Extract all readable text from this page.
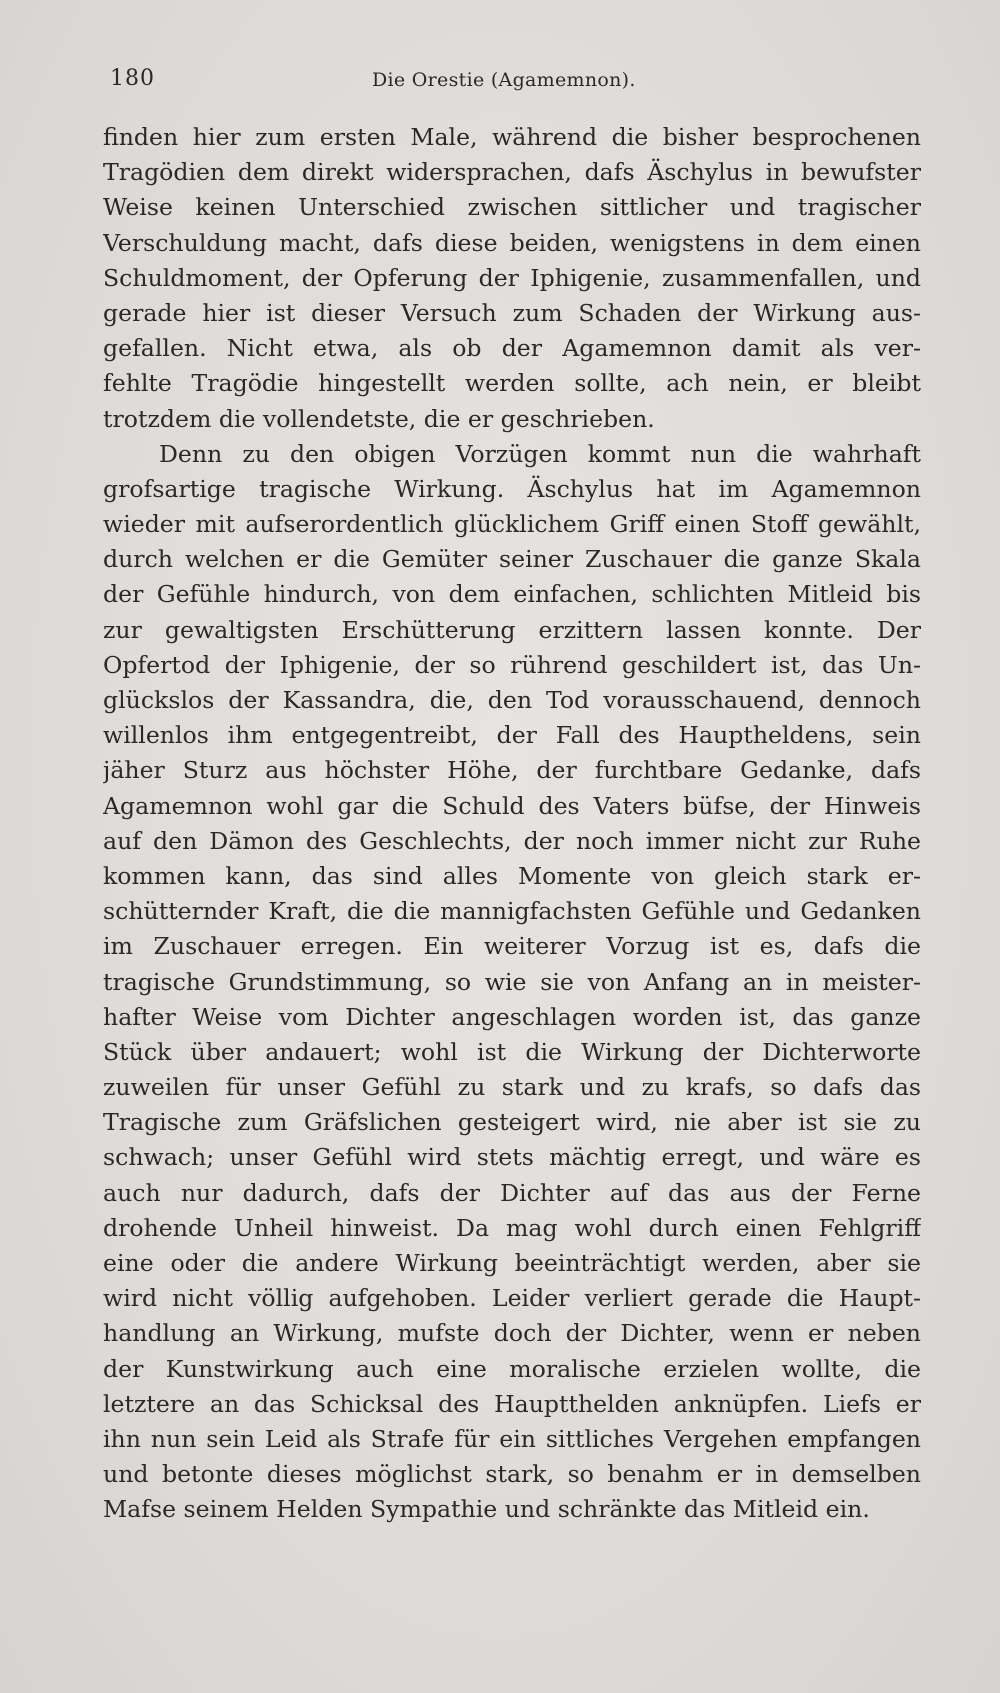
180	Die Orestie (Agamemnon).
finden hier zum ersten Male, während die bisher besprochenen
Tragödien dem direkt widersprachen, dafs Äschylus in bewufster
Weise keinen Unterschied zwischen sittlicher und tragischer
Verschuldung macht, dafs diese beiden, wenigstens in dem einen
Schuldmoment, der Opferung der Iphigenie, zusammenfallen, und
gerade hier ist dieser Versuch zum Schaden der Wirkung aus-
gefallen. Nicht etwa, als ob der Agamemnon damit als ver-
fehlte Tragödie hingestellt werden sollte, ach nein, er bleibt
trotzdem die vollendetste, die er geschrieben.
Denn zu den obigen Vorzügen kommt nun die wahrhaft
grofsartige tragische Wirkung. Äschylus hat im Agamemnon
wieder mit aufserordentlich glücklichem Griff einen Stoff gewählt,
durch welchen er die Gemüter seiner Zuschauer die ganze Skala
der Gefühle hindurch, von dem einfachen, schlichten Mitleid bis
zur gewaltigsten Erschütterung erzittern lassen konnte. Der
Opfertod der Iphigenie, der so rührend geschildert ist, das Un-
glückslos der Kassandra, die, den Tod vorausschauend, dennoch
willenlos ihm entgegentreibt, der Fall des Hauptheldens, sein
jäher Sturz aus höchster Höhe, der furchtbare Gedanke, dafs
Agamemnon wohl gar die Schuld des Vaters büfse, der Hinweis
auf den Dämon des Geschlechts, der noch immer nicht zur Ruhe
kommen kann, das sind alles Momente von gleich stark er-
schütternder Kraft, die die mannigfachsten Gefühle und Gedanken
im Zuschauer erregen. Ein weiterer Vorzug ist es, dafs die
tragische Grundstimmung, so wie sie von Anfang an in meister-
hafter Weise vom Dichter angeschlagen worden ist, das ganze
Stück über andauert; wohl ist die Wirkung der Dichterworte
zuweilen für unser Gefühl zu stark und zu krafs, so dafs das
Tragische zum Gräfslichen gesteigert wird, nie aber ist sie zu
schwach; unser Gefühl wird stets mächtig erregt, und wäre es
auch nur dadurch, dafs der Dichter auf das aus der Ferne
drohende Unheil hinweist. Da mag wohl durch einen Fehlgriff
eine oder die andere Wirkung beeinträchtigt werden, aber sie
wird nicht völlig aufgehoben. Leider verliert gerade die Haupt-
handlung an Wirkung, mufste doch der Dichter, wenn er neben
der Kunstwirkung auch eine moralische erzielen wollte, die
letztere an das Schicksal des Hauptthelden anknüpfen. Liefs er
ihn nun sein Leid als Strafe für ein sittliches Vergehen empfangen
und betonte dieses möglichst stark, so benahm er in demselben
Mafse seinem Helden Sympathie und schränkte das Mitleid ein.
